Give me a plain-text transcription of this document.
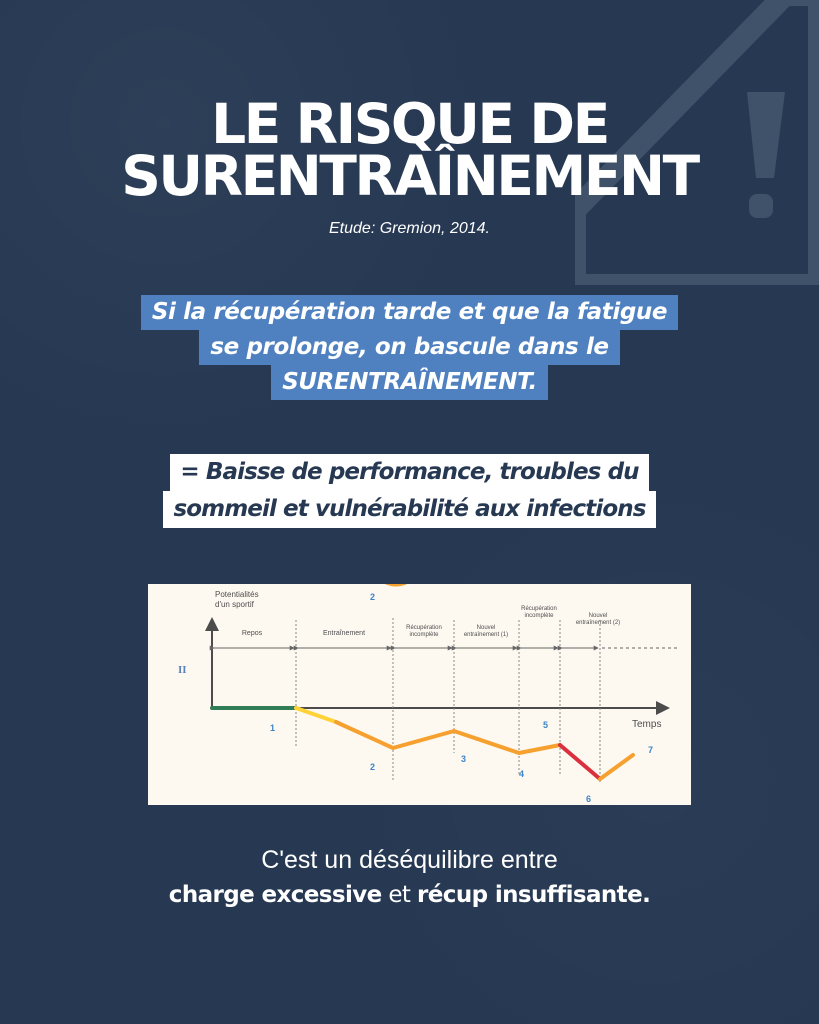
LE RISQUE DE
SURENTRAÎNEMENT

Etude: Gremion, 2014.

Si la récupération tarde et que la fatigue
se prolonge, on bascule dans le
SURENTRAÎNEMENT.
= Baisse de performance, troubles du
sommeil et vulnérabilité aux infections
Potentialités
d'un sportif
II
Temps
Repos	Entraînement
Récupération
incomplète
Nouvel
entraînement (1)
Récupération
incomplète	Nouvel
entraînement (2)
2
1
2
3
4
5
6
7

C'est un déséquilibre entre
charge excessive et récup insuffisante.
